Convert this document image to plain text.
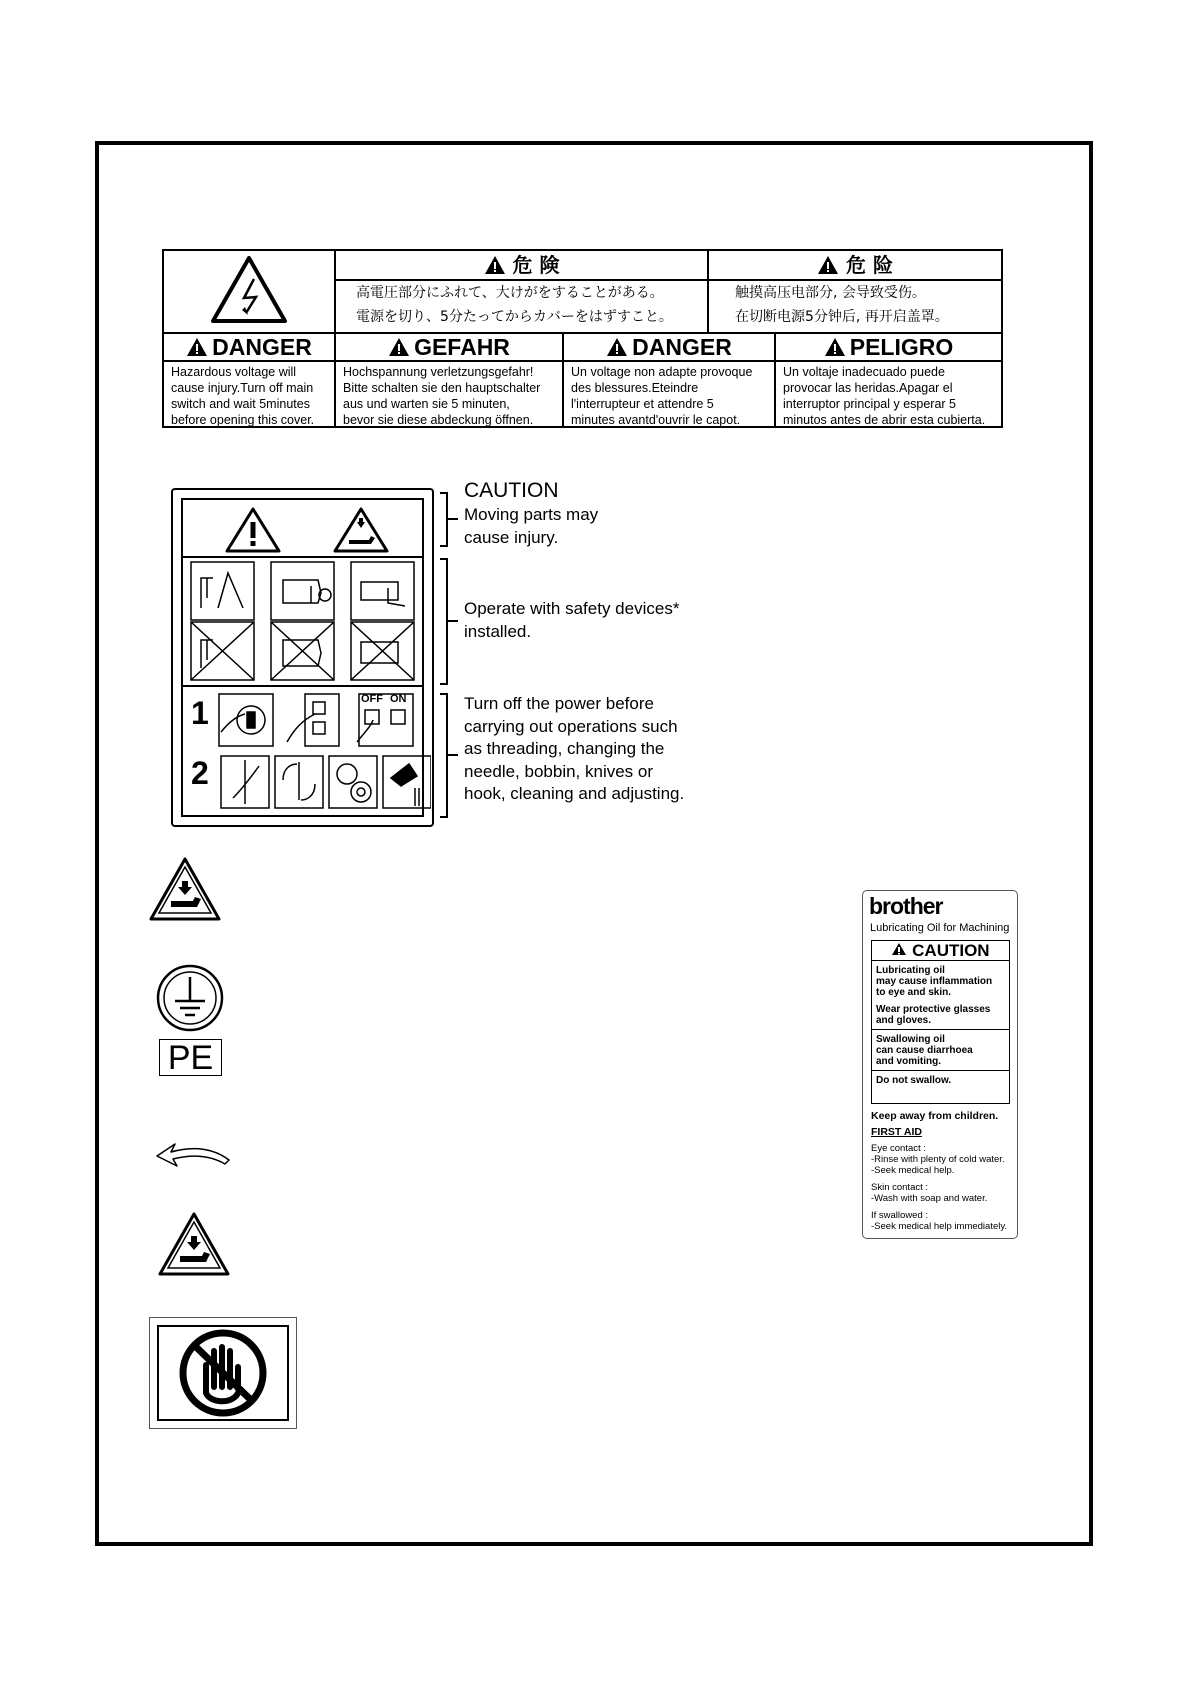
危 険
高電圧部分にふれて、大けがをすることがある。
電源を切り、5分たってからカバーをはずすこと。
危 险
触摸高压电部分, 会导致受伤。
在切断电源5分钟后, 再开启盖罩。
DANGER
Hazardous voltage will
cause injury.Turn off main
switch and wait 5minutes
before opening this cover.
GEFAHR
Hochspannung verletzungsgefahr!
Bitte schalten sie den hauptschalter
aus und warten sie 5 minuten,
bevor sie diese abdeckung öffnen.
DANGER
Un voltage non adapte provoque
des blessures.Eteindre
l'interrupteur et attendre 5
minutes avantd'ouvrir le capot.
PELIGRO
Un voltaje inadecuado puede
provocar las heridas.Apagar el
interruptor principal y esperar 5
minutos antes de abrir esta cubierta.
1
2
OFF ON
CAUTION
Moving parts may
cause injury.
Operate with safety devices*
installed.
Turn off the power before
carrying out operations such
as threading, changing the
needle, bobbin, knives or
hook, cleaning and adjusting.
PE
brother
Lubricating Oil for Machining
CAUTION
Lubricating oil
may cause inflammation
to eye and skin.
Wear protective glasses
and gloves.
Swallowing oil
can cause diarrhoea
and vomiting.
Do not swallow.
Keep away from children.
FIRST AID
Eye contact :
-Rinse with plenty of cold water.
-Seek medical help.
Skin contact :
-Wash with soap and water.
If swallowed :
-Seek medical help immediately.
